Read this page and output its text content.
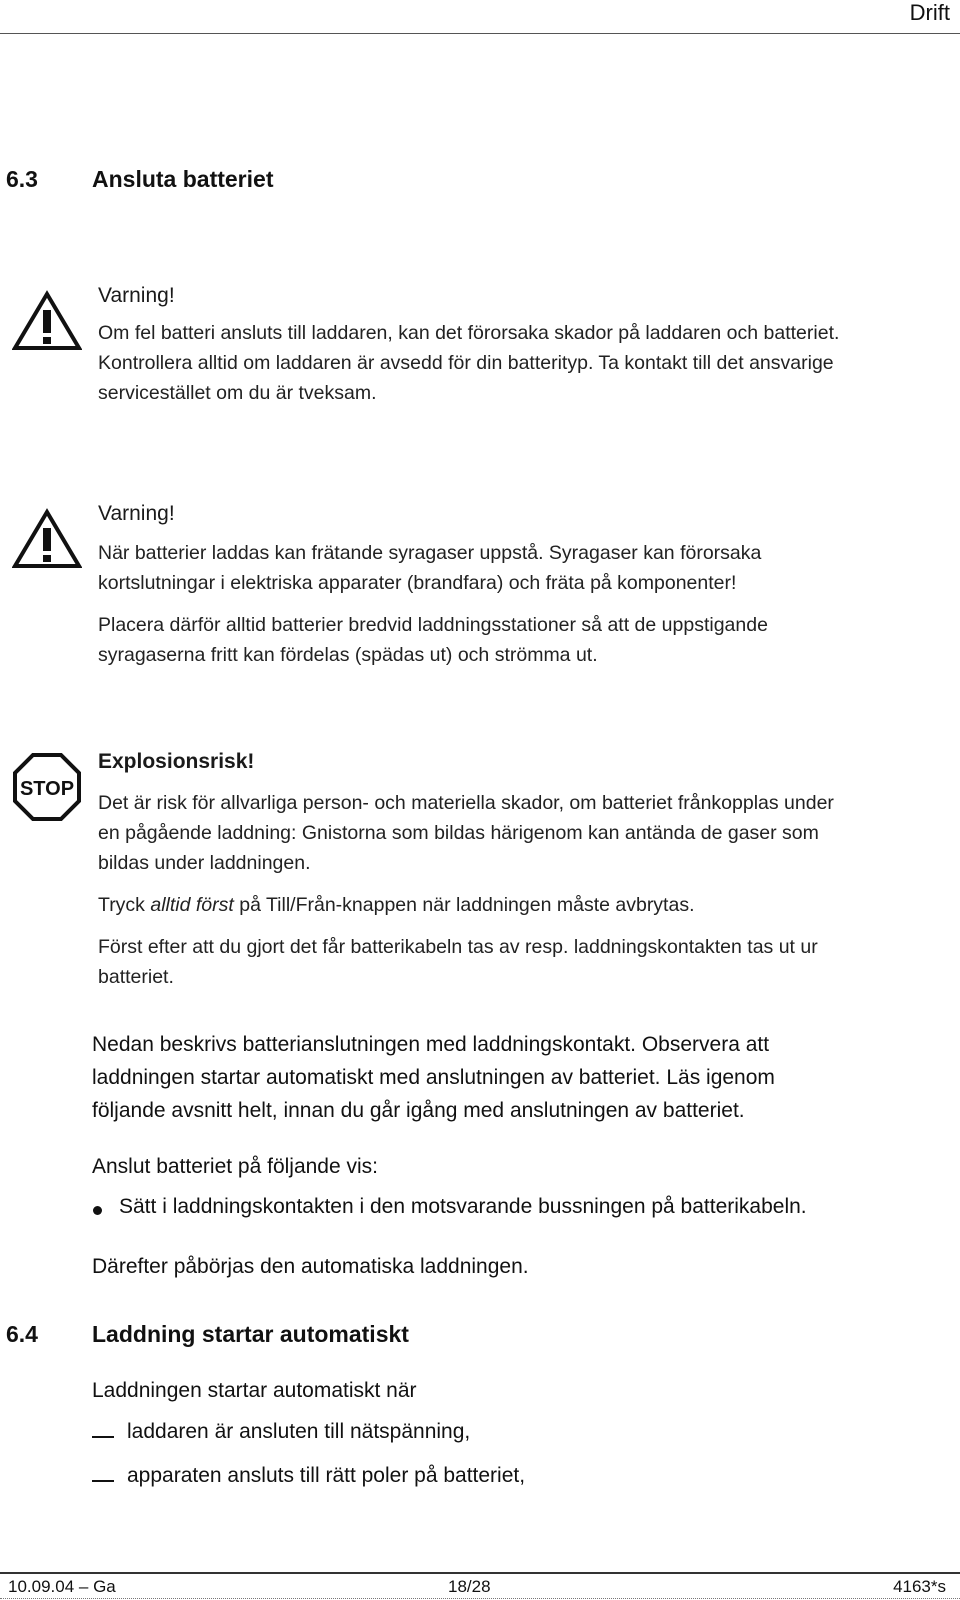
Drift
6.3 Ansluta batteriet
Varning!

Om fel batteri ansluts till laddaren, kan det förorsaka skador på laddaren och batteriet.

Kontrollera alltid om laddaren är avsedd för din batterityp. Ta kontakt till det ansvarige

servicestället om du är tveksam.

Varning!

När batterier laddas kan frätande syragaser uppstå. Syragaser kan förorsaka

kortslutningar i elektriska apparater (brandfara) och fräta på komponenter!

Placera därför alltid batterier bredvid laddningsstationer så att de uppstigande

syragaserna fritt kan fördelas (spädas ut) och strömma ut.

STOP
Explosionsrisk!

Det är risk för allvarliga person- och materiella skador, om batteriet frånkopplas under

en pågående laddning: Gnistorna som bildas härigenom kan antända de gaser som

bildas under laddningen.

Tryck alltid först på Till/Från-knappen när laddningen måste avbrytas.

Först efter att du gjort det får batterikabeln tas av resp. laddningskontakten tas ut ur

batteriet.

Nedan beskrivs batterianslutningen med laddningskontakt. Observera att

laddningen startar automatiskt med anslutningen av batteriet. Läs igenom

följande avsnitt helt, innan du går igång med anslutningen av batteriet.

Anslut batteriet på följande vis:
Sätt i laddningskontakten i den motsvarande bussningen på batterikabeln.
Därefter påbörjas den automatiska laddningen.
6.4 Laddning startar automatiskt
Laddningen startar automatiskt när
laddaren är ansluten till nätspänning,
apparaten ansluts till rätt poler på batteriet,
10.09.04 – Ga	18/28	4163*s
